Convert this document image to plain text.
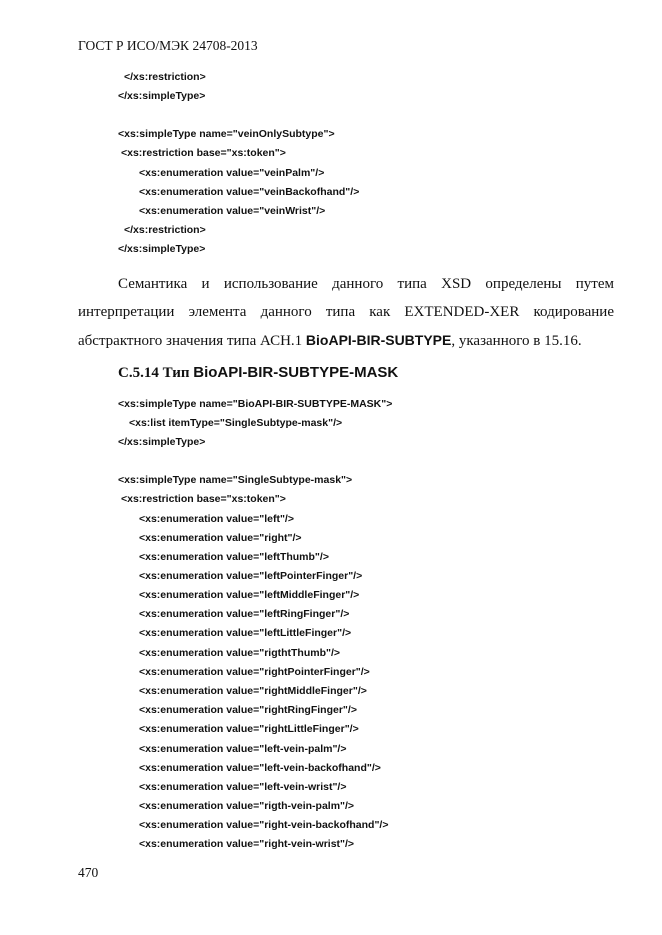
ГОСТ Р ИСО/МЭК 24708-2013
</xs:restriction>
</xs:simpleType>
<xs:simpleType name="veinOnlySubtype">
<xs:restriction base="xs:token">
<xs:enumeration value="veinPalm"/>
<xs:enumeration value="veinBackofhand"/>
<xs:enumeration value="veinWrist"/>
</xs:restriction>
</xs:simpleType>
Семантика и использование данного типа XSD определены путем интерпретации элемента данного типа как EXTENDED-XER кодирование абстрактного значения типа АСН.1 BioAPI-BIR-SUBTYPE, указанного в 15.16.
С.5.14 Тип BioAPI-BIR-SUBTYPE-MASK
<xs:simpleType name="BioAPI-BIR-SUBTYPE-MASK">
<xs:list itemType="SingleSubtype-mask"/>
</xs:simpleType>
<xs:simpleType name="SingleSubtype-mask">
<xs:restriction base="xs:token">
<xs:enumeration value="left"/>
<xs:enumeration value="right"/>
<xs:enumeration value="leftThumb"/>
<xs:enumeration value="leftPointerFinger"/>
<xs:enumeration value="leftMiddleFinger"/>
<xs:enumeration value="leftRingFinger"/>
<xs:enumeration value="leftLittleFinger"/>
<xs:enumeration value="rigthtThumb"/>
<xs:enumeration value="rightPointerFinger"/>
<xs:enumeration value="rightMiddleFinger"/>
<xs:enumeration value="rightRingFinger"/>
<xs:enumeration value="rightLittleFinger"/>
<xs:enumeration value="left-vein-palm"/>
<xs:enumeration value="left-vein-backofhand"/>
<xs:enumeration value="left-vein-wrist"/>
<xs:enumeration value="rigth-vein-palm"/>
<xs:enumeration value="right-vein-backofhand"/>
<xs:enumeration value="right-vein-wrist"/>
470
